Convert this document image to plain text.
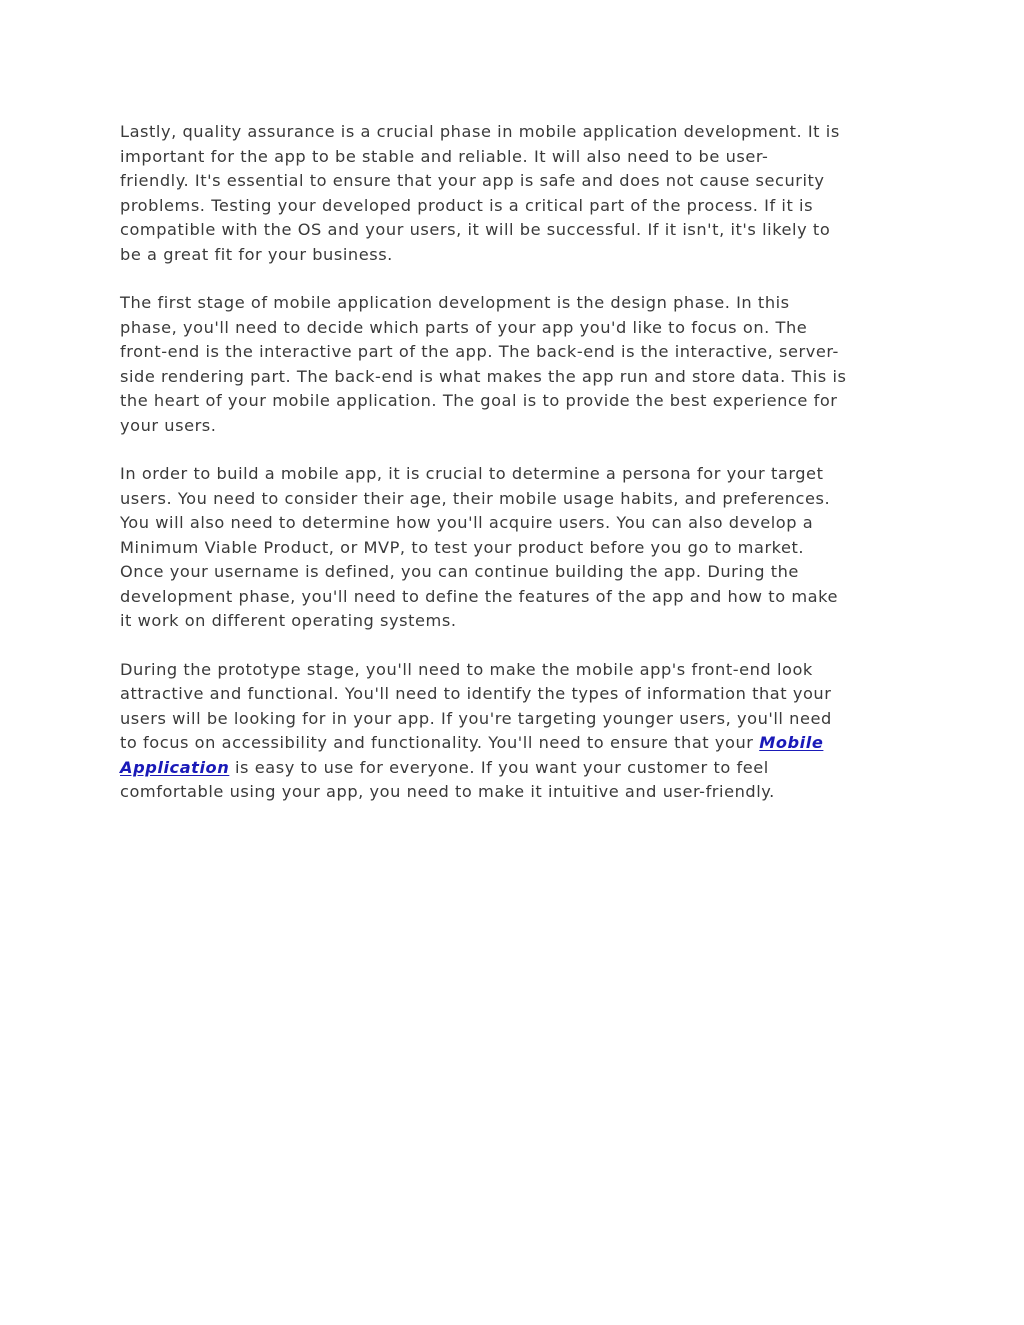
Lastly, quality assurance is a crucial phase in mobile application development. It is
important for the app to be stable and reliable. It will also need to be user-
friendly. It's essential to ensure that your app is safe and does not cause security
problems. Testing your developed product is a critical part of the process. If it is
compatible with the OS and your users, it will be successful. If it isn't, it's likely to
be a great fit for your business.

The first stage of mobile application development is the design phase. In this
phase, you'll need to decide which parts of your app you'd like to focus on. The
front-end is the interactive part of the app. The back-end is the interactive, server-
side rendering part. The back-end is what makes the app run and store data. This is
the heart of your mobile application. The goal is to provide the best experience for
your users.

In order to build a mobile app, it is crucial to determine a persona for your target
users. You need to consider their age, their mobile usage habits, and preferences.
You will also need to determine how you'll acquire users. You can also develop a
Minimum Viable Product, or MVP, to test your product before you go to market.
Once your username is defined, you can continue building the app. During the
development phase, you'll need to define the features of the app and how to make
it work on different operating systems.

During the prototype stage, you'll need to make the mobile app's front-end look
attractive and functional. You'll need to identify the types of information that your
users will be looking for in your app. If you're targeting younger users, you'll need
to focus on accessibility and functionality. You'll need to ensure that your Mobile
Application is easy to use for everyone. If you want your customer to feel
comfortable using your app, you need to make it intuitive and user-friendly.
